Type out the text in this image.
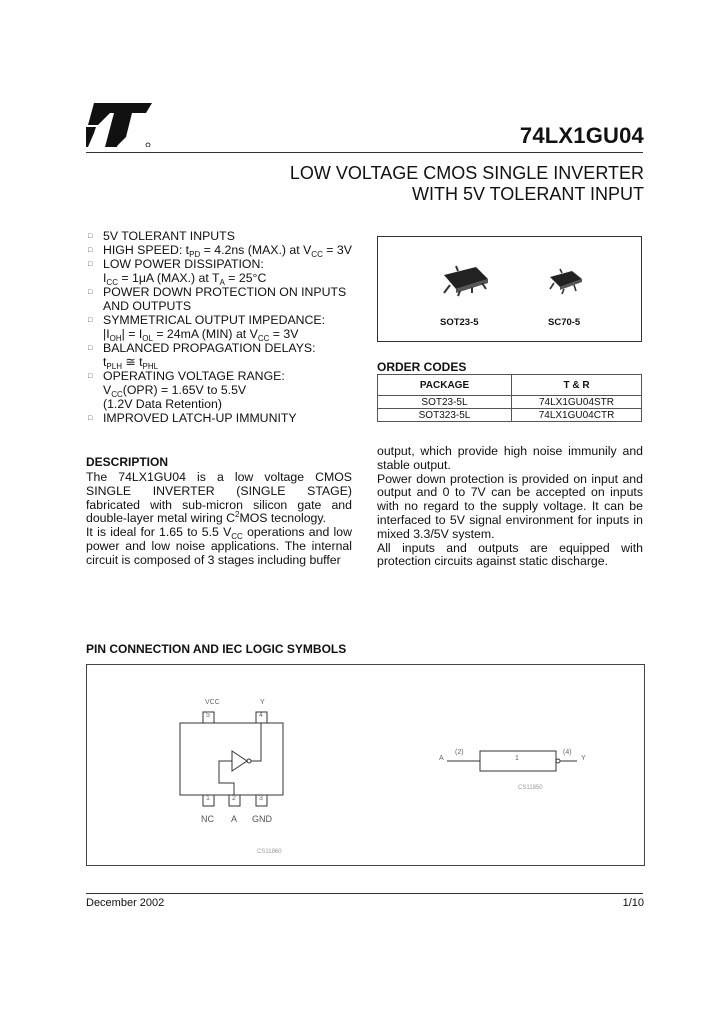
74LX1GU04
LOW VOLTAGE CMOS SINGLE INVERTER
WITH 5V TOLERANT INPUT
□ 5V TOLERANT INPUTS
□ HIGH SPEED: $t_{PD} = 4.2ns$ (MAX.) at $V_{CC} = 3V$
□ LOW POWER DISSIPATION:
$I_{CC} = 1\mu A$ (MAX.) at $T_A = 25^\circ C$
□ POWER DOWN PROTECTION ON INPUTS
AND OUTPUTS
□ SYMMETRICAL OUTPUT IMPEDANCE:
$|I_{OH}| = I_{OL} = 24mA$ (MIN) at $V_{CC} = 3V$
□ BALANCED PROPAGATION DELAYS:
$t_{PLH}$ ≅ $t_{PHL}$
□ OPERATING VOLTAGE RANGE:
$V_{CC}(OPR) = 1.65V$ to 5.5V
(1.2V Data Retention)
□ IMPROVED LATCH-UP IMMUNITY
SOT23-5	SC70-5
ORDER CODES
PACKAGE	T & R
SOT23-5L	74LX1GU04STR
SOT323-5L	74LX1GU04CTR
DESCRIPTION

The 74LX1GU04 is a low voltage CMOS SINGLE INVERTER (SINGLE STAGE) fabricated with sub-micron silicon gate and double-layer metal wiring $C^2MOS$ tecnology.

It is ideal for 1.65 to 5.5 $V_{CC}$ operations and low power and low noise applications. The internal circuit is composed of 3 stages including buffer

output, which provide high noise immunily and stable output.

Power down protection is provided on input and output and 0 to 7V can be accepted on inputs with no regard to the supply voltage. It can be interfaced to 5V signal environment for inputs in mixed 3.3/5V system.

All inputs and outputs are equipped with protection circuits against static discharge.

PIN CONNECTION AND IEC LOGIC SYMBOLS
VCC	Y
5	4
1	2	3
NC A GND
CS11860
A
(2)	(4)
Y
1
CS11850
December 2002	1/10
